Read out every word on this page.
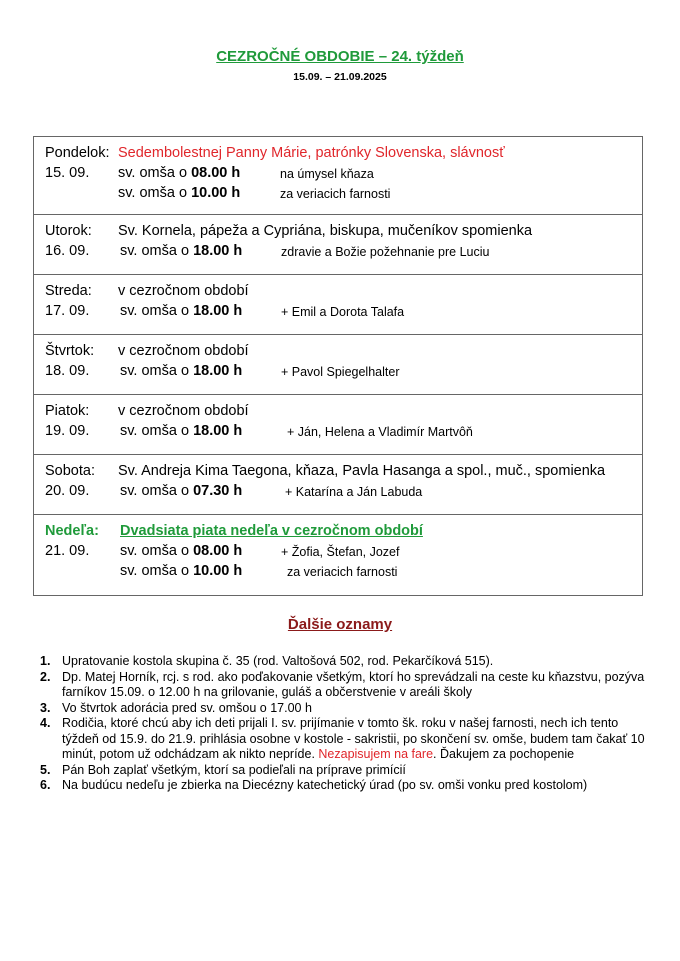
CEZROČNÉ OBDOBIE – 24. týždeň
15.09. – 21.09.2025
Pondelok: Sedembolestnej Panny Márie, patrónky Slovenska, slávnosť
15. 09. sv. omša o 08.00 h	na úmysel kňaza
sv. omša o 10.00 h	za veriacich farnosti
Utorok: Sv. Kornela, pápeža a Cypriána, biskupa, mučeníkov spomienka
16. 09. sv. omša o 18.00 h	zdravie a Božie požehnanie pre Luciu
Streda: v cezročnom období
17. 09. sv. omša o 18.00 h	+ Emil a Dorota Talafa
Štvrtok: v cezročnom období
18. 09. sv. omša o 18.00 h	+ Pavol Spiegelhalter
Piatok: v cezročnom období
19. 09. sv. omša o 18.00 h	+ Ján, Helena a Vladimír Martvôň
Sobota: Sv. Andreja Kima Taegona, kňaza, Pavla Hasanga a spol., muč., spomienka
20. 09. sv. omša o 07.30 h	+ Katarína a Ján Labuda
Nedeľa: Dvadsiata piata nedeľa v cezročnom období
21. 09. sv. omša o 08.00 h	+ Žofia, Štefan, Jozef
sv. omša o 10.00 h	za veriacich farnosti
Ďalšie oznamy
1. Upratovanie kostola skupina č. 35 (rod. Valtošová 502, rod. Pekarčíková 515).
2. Dp. Matej Horník, rcj. s rod. ako poďakovanie všetkým, ktorí ho sprevádzali na ceste ku kňazstvu, pozýva farníkov 15.09. o 12.00 h na grilovanie, guláš a občerstvenie v areáli školy
3. Vo štvrtok adorácia pred sv. omšou o 17.00 h
4. Rodičia, ktoré chcú aby ich deti prijali I. sv. prijímanie v tomto šk. roku v našej farnosti, nech ich tento týždeň od 15.9. do 21.9. prihlásia osobne v kostole - sakristii, po skončení sv. omše, budem tam čakať 10 minút, potom už odchádzam ak nikto nepríde. Nezapisujem na fare. Ďakujem za pochopenie
5. Pán Boh zaplať všetkým, ktorí sa podieľali na príprave primícií
6. Na budúcu nedeľu je zbierka na Diecézny katechetický úrad (po sv. omši vonku pred kostolom)
